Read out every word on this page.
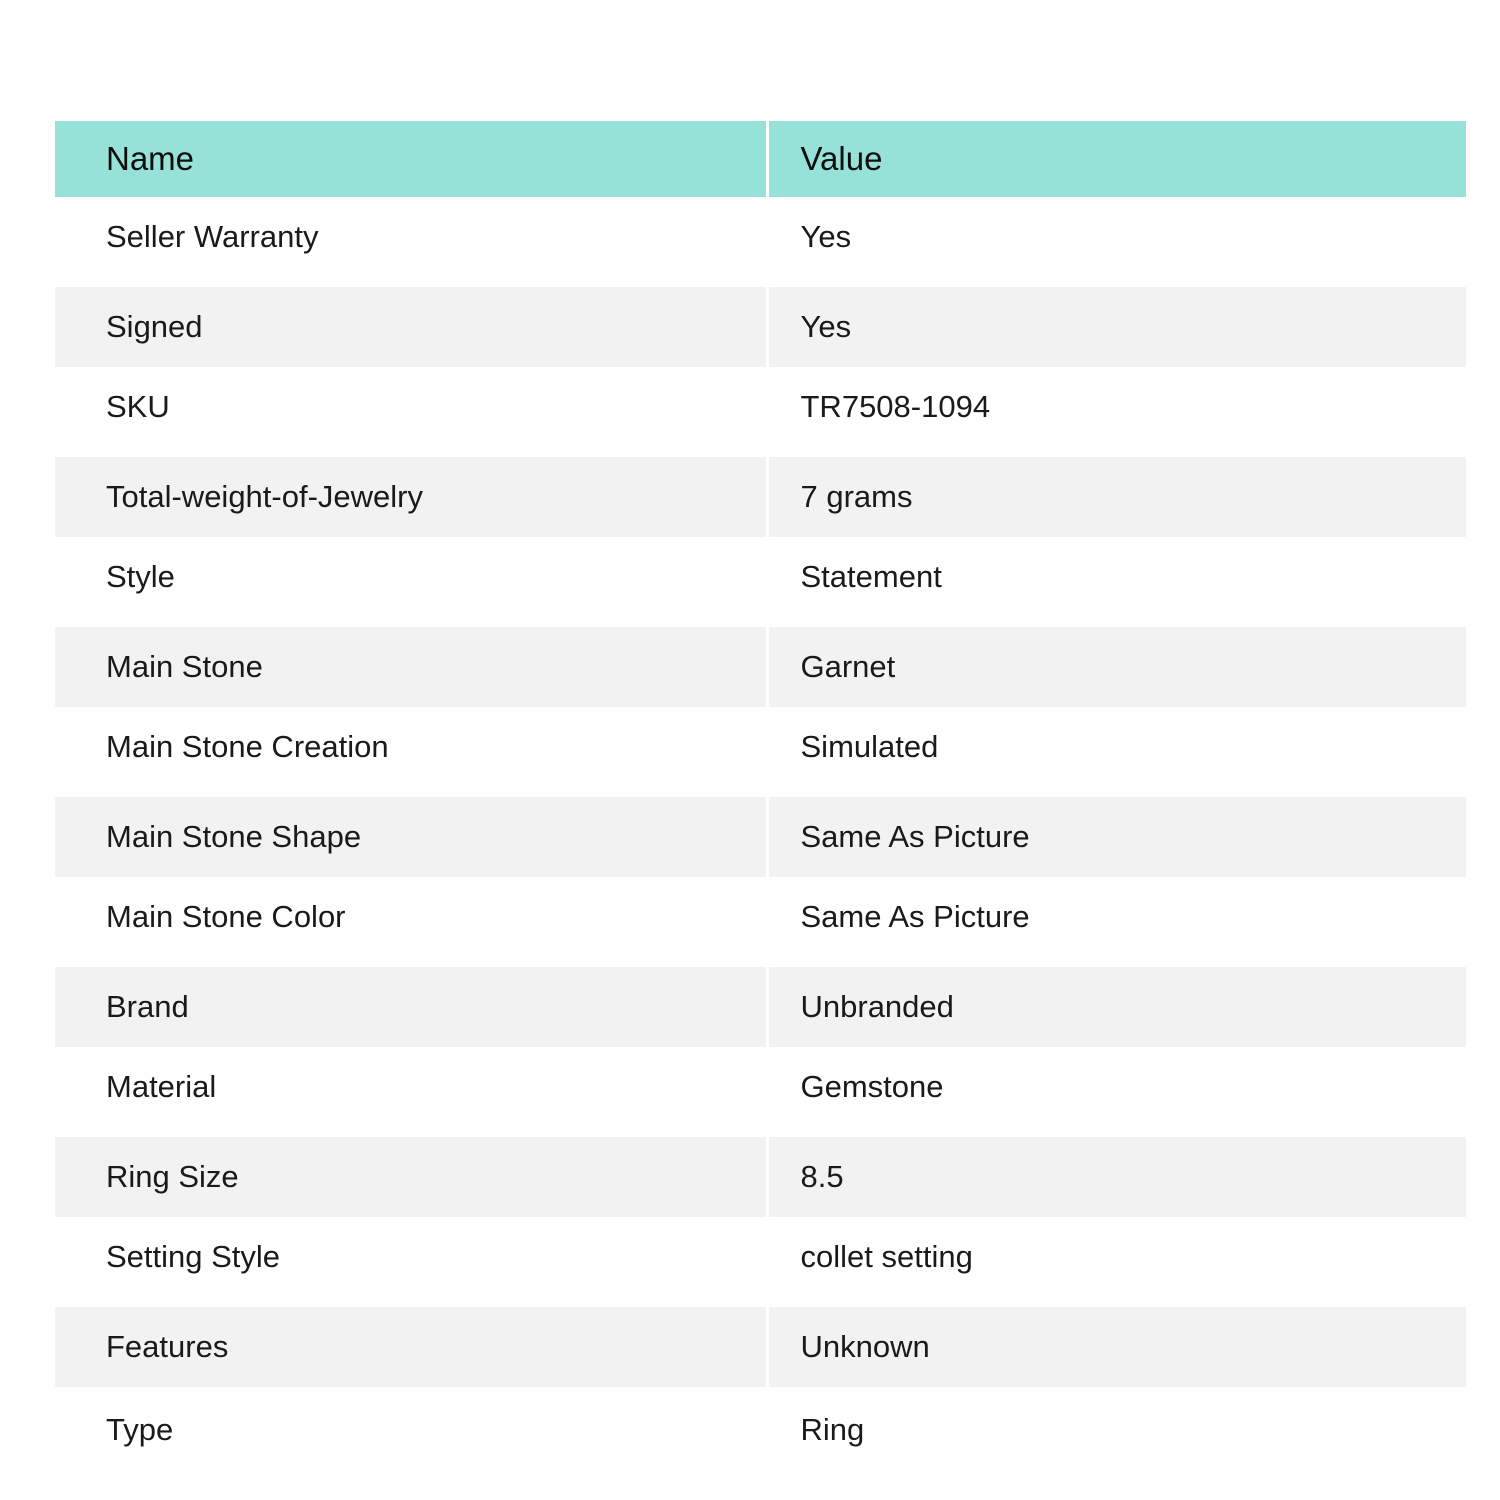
Name	Value
Seller Warranty	Yes
Signed	Yes
SKU	TR7508-1094
Total-weight-of-Jewelry	7 grams
Style	Statement
Main Stone	Garnet
Main Stone Creation	Simulated
Main Stone Shape	Same As Picture
Main Stone Color	Same As Picture
Brand	Unbranded
Material	Gemstone
Ring Size	8.5
Setting Style	collet setting
Features	Unknown
Type	Ring
